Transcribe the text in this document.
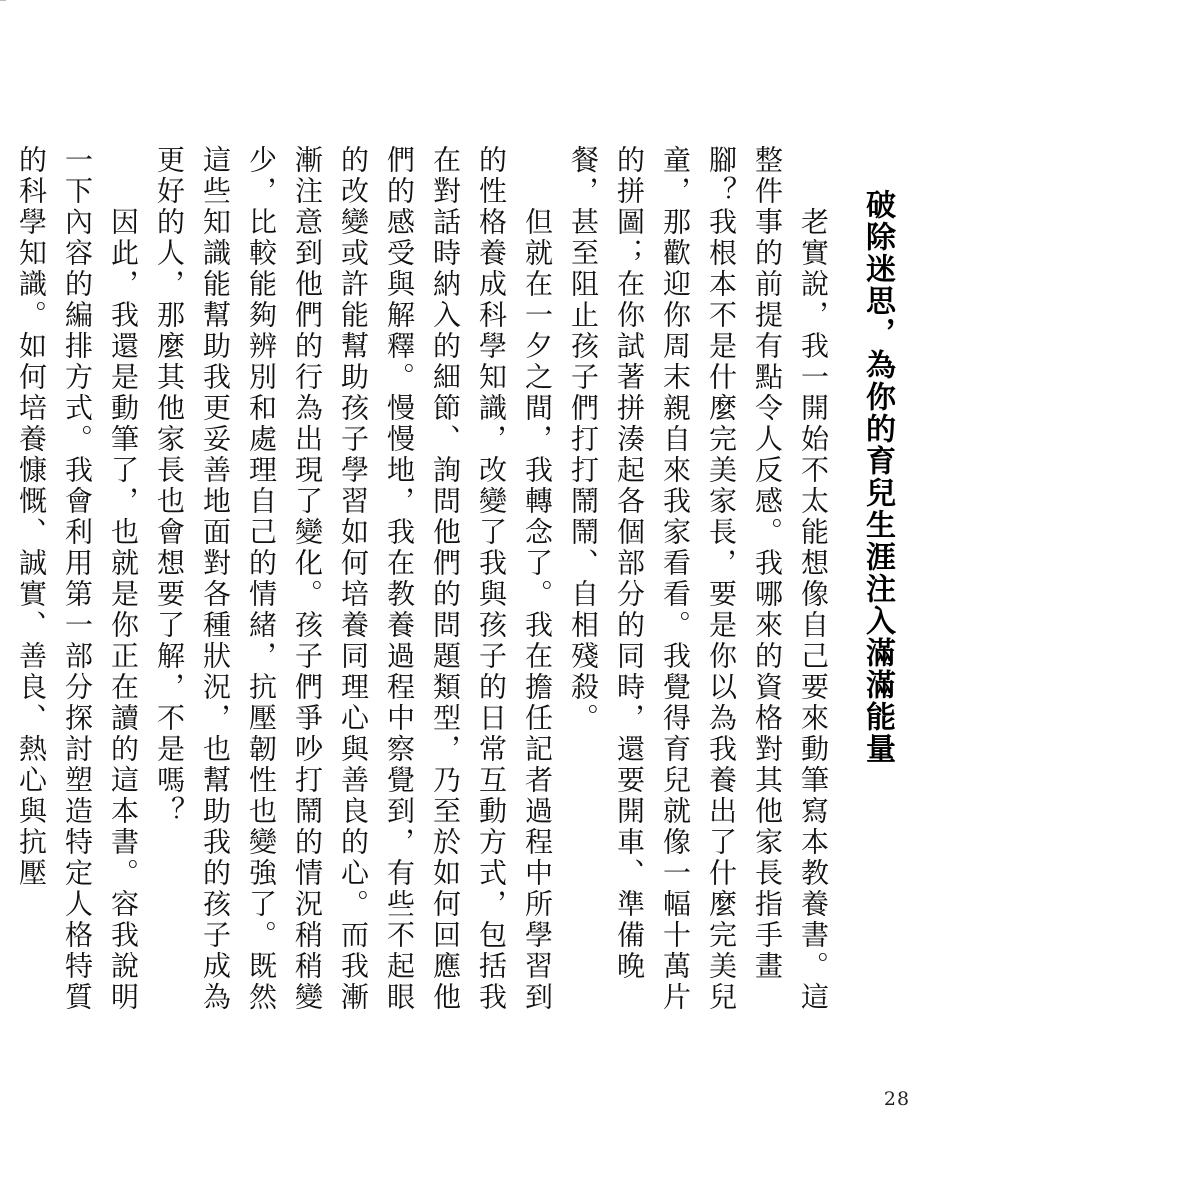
破除迷思，為你的育兒生涯注入滿滿能量

　　老實說，我一開始不太能想像自己要來動筆寫本教養書。這整件事的前提有點令人反感。我哪來的資格對其他家長指手畫腳？我根本不是什麼完美家長，要是你以為我養出了什麼完美兒童，那歡迎你周末親自來我家看看。我覺得育兒就像一幅十萬片的拼圖；在你試著拼湊起各個部分的同時，還要開車、準備晚餐，甚至阻止孩子們打打鬧鬧、自相殘殺。

　　但就在一夕之間，我轉念了。我在擔任記者過程中所學習到的性格養成科學知識，改變了我與孩子的日常互動方式，包括我在對話時納入的細節、詢問他們的問題類型，乃至於如何回應他們的感受與解釋。慢慢地，我在教養過程中察覺到，有些不起眼的改變或許能幫助孩子學習如何培養同理心與善良的心。而我漸漸注意到他們的行為出現了變化。孩子們爭吵打鬧的情況稍稍變少，比較能夠辨別和處理自己的情緒，抗壓韌性也變強了。既然這些知識能幫助我更妥善地面對各種狀況，也幫助我的孩子成為更好的人，那麼其他家長也會想要了解，不是嗎？

　　因此，我還是動筆了，也就是你正在讀的這本書。容我說明一下內容的編排方式。我會利用第一部分探討塑造特定人格特質的科學知識。如何培養慷慨、誠實、善良、熱心與抗壓

28
